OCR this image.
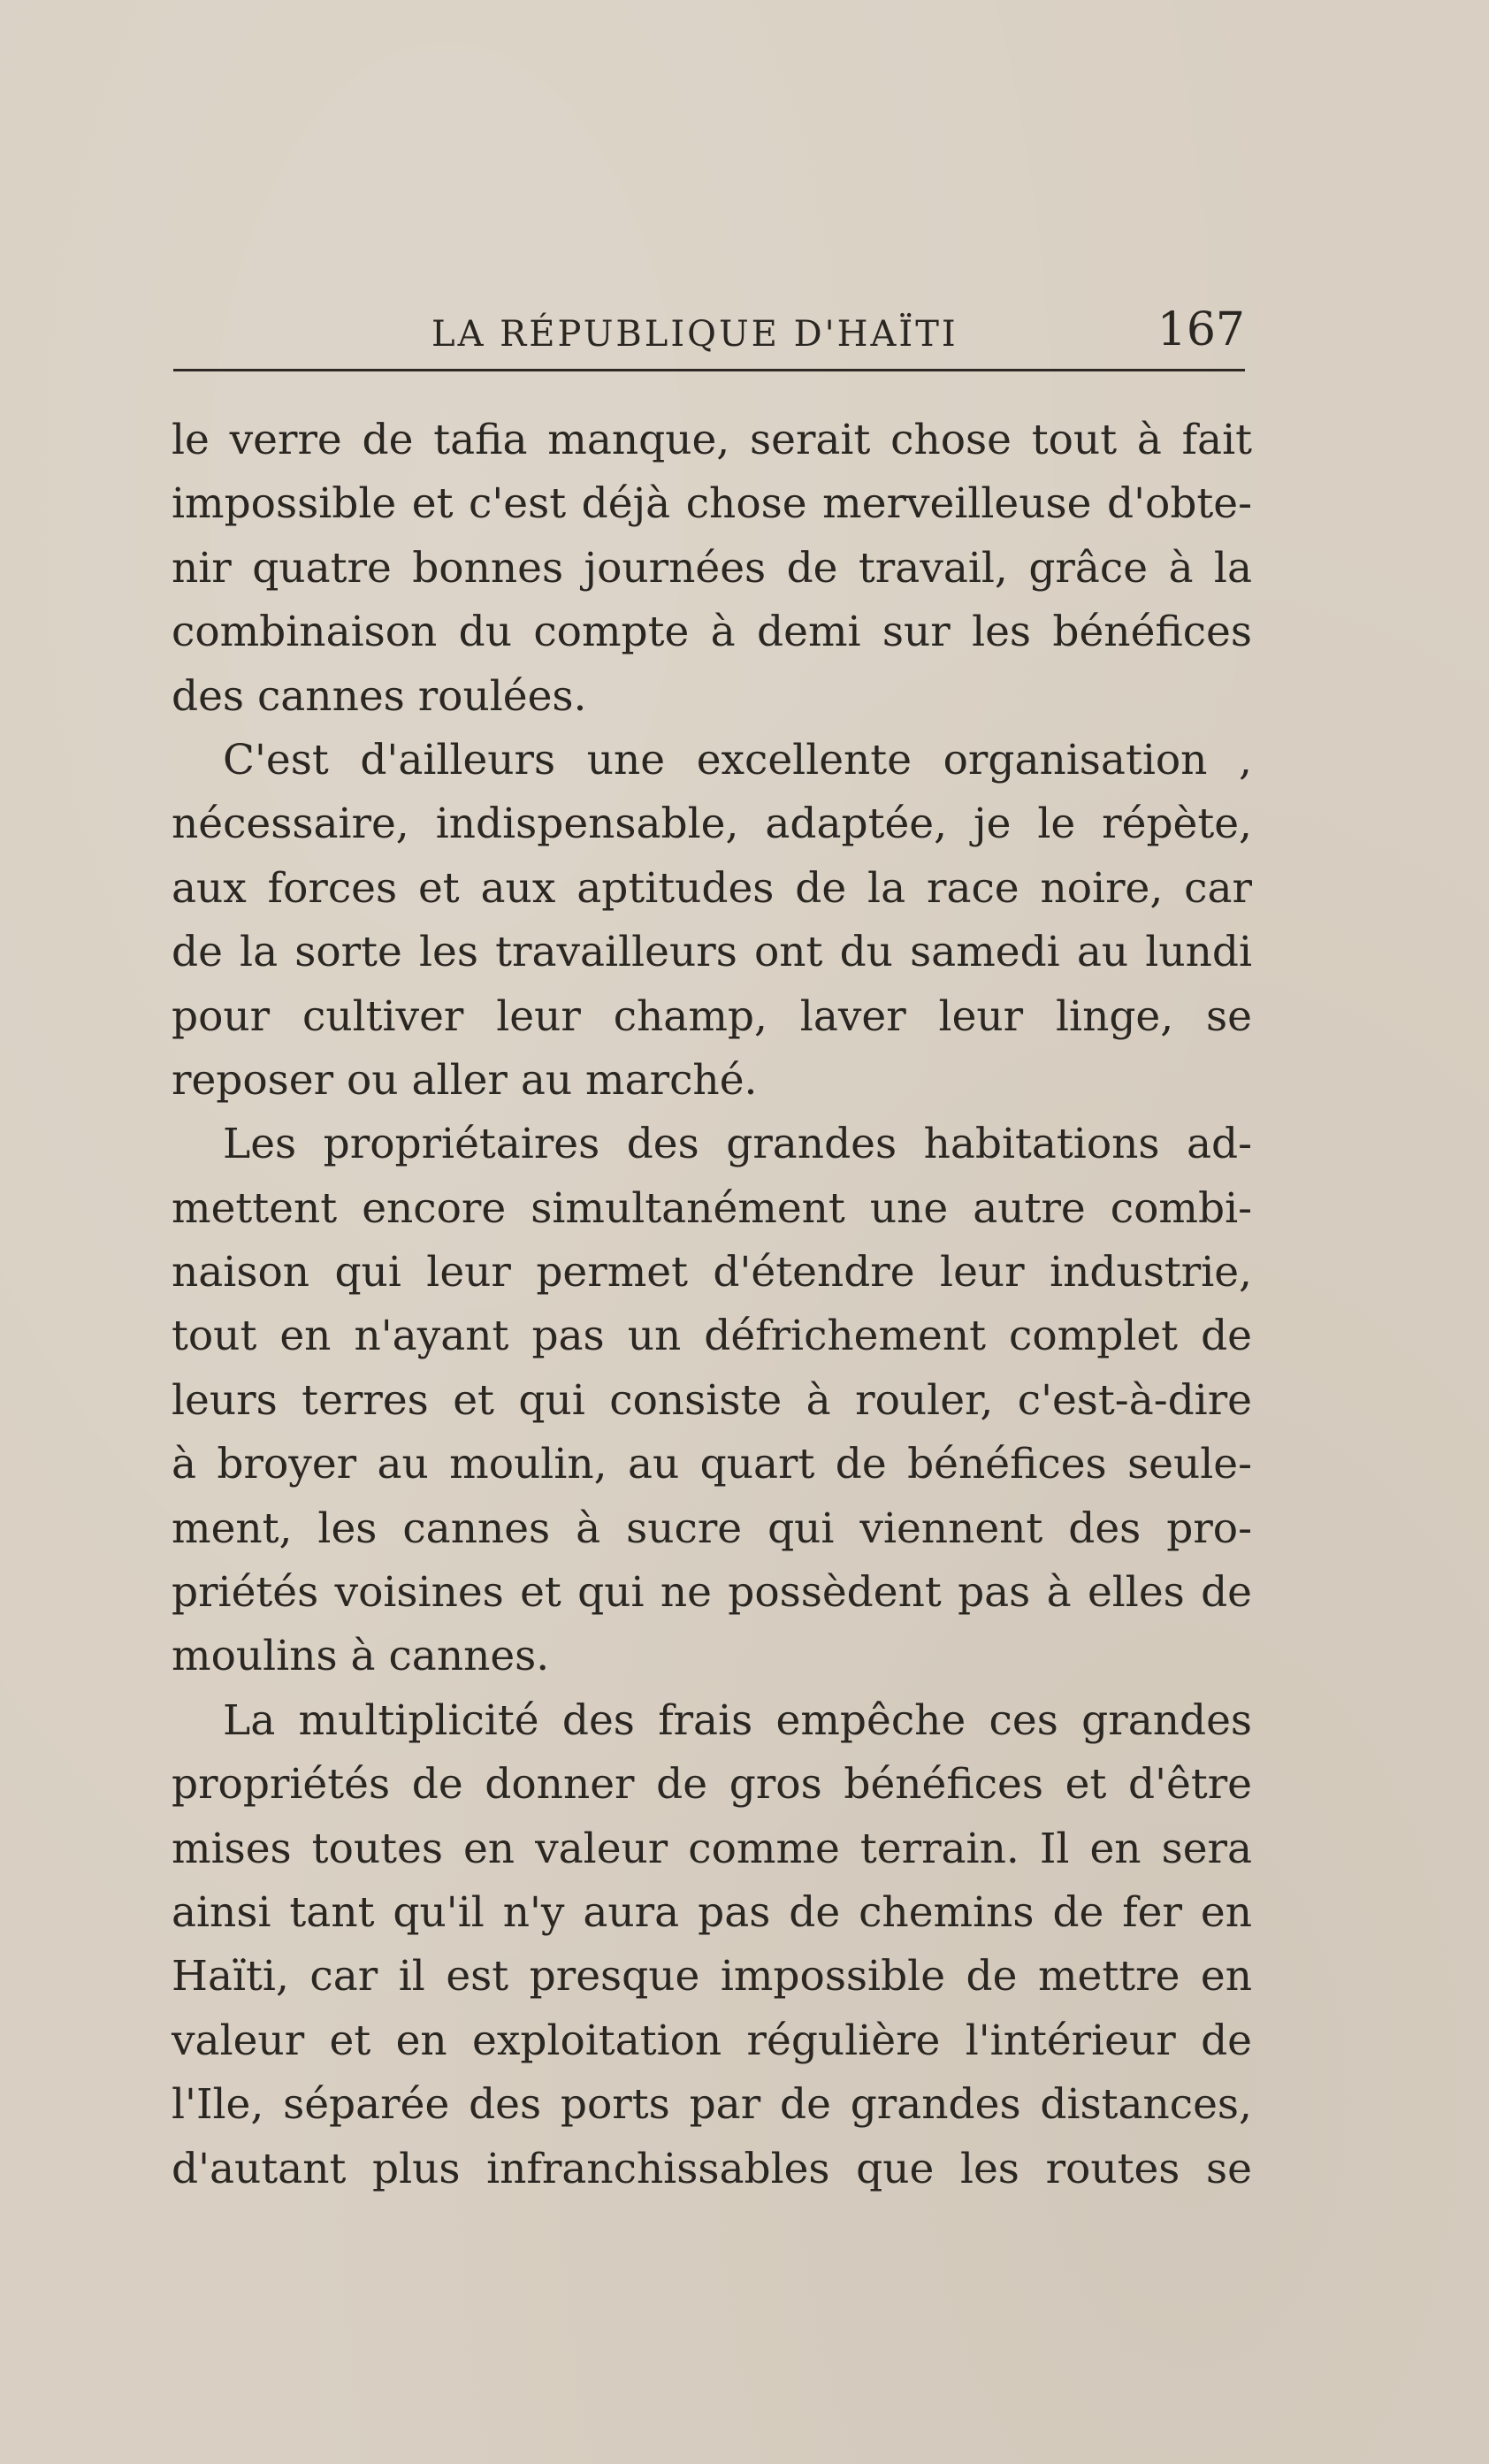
LA RÉPUBLIQUE D'HAÏTI	167
le verre de tafia manque, serait chose tout à fait
impossible et c'est déjà chose merveilleuse d'obte-
nir quatre bonnes journées de travail, grâce à la
combinaison du compte à demi sur les bénéfices
des cannes roulées.
C'est d'ailleurs une excellente organisation ,
nécessaire, indispensable, adaptée, je le répète,
aux forces et aux aptitudes de la race noire, car
de la sorte les travailleurs ont du samedi au lundi
pour cultiver leur champ, laver leur linge, se
reposer ou aller au marché.
Les propriétaires des grandes habitations ad-
mettent encore simultanément une autre combi-
naison qui leur permet d'étendre leur industrie,
tout en n'ayant pas un défrichement complet de
leurs terres et qui consiste à rouler, c'est-à-dire
à broyer au moulin, au quart de bénéfices seule-
ment, les cannes à sucre qui viennent des pro-
priétés voisines et qui ne possèdent pas à elles de
moulins à cannes.
La multiplicité des frais empêche ces grandes
propriétés de donner de gros bénéfices et d'être
mises toutes en valeur comme terrain. Il en sera
ainsi tant qu'il n'y aura pas de chemins de fer en
Haïti, car il est presque impossible de mettre en
valeur et en exploitation régulière l'intérieur de
l'Ile, séparée des ports par de grandes distances,
d'autant plus infranchissables que les routes se
